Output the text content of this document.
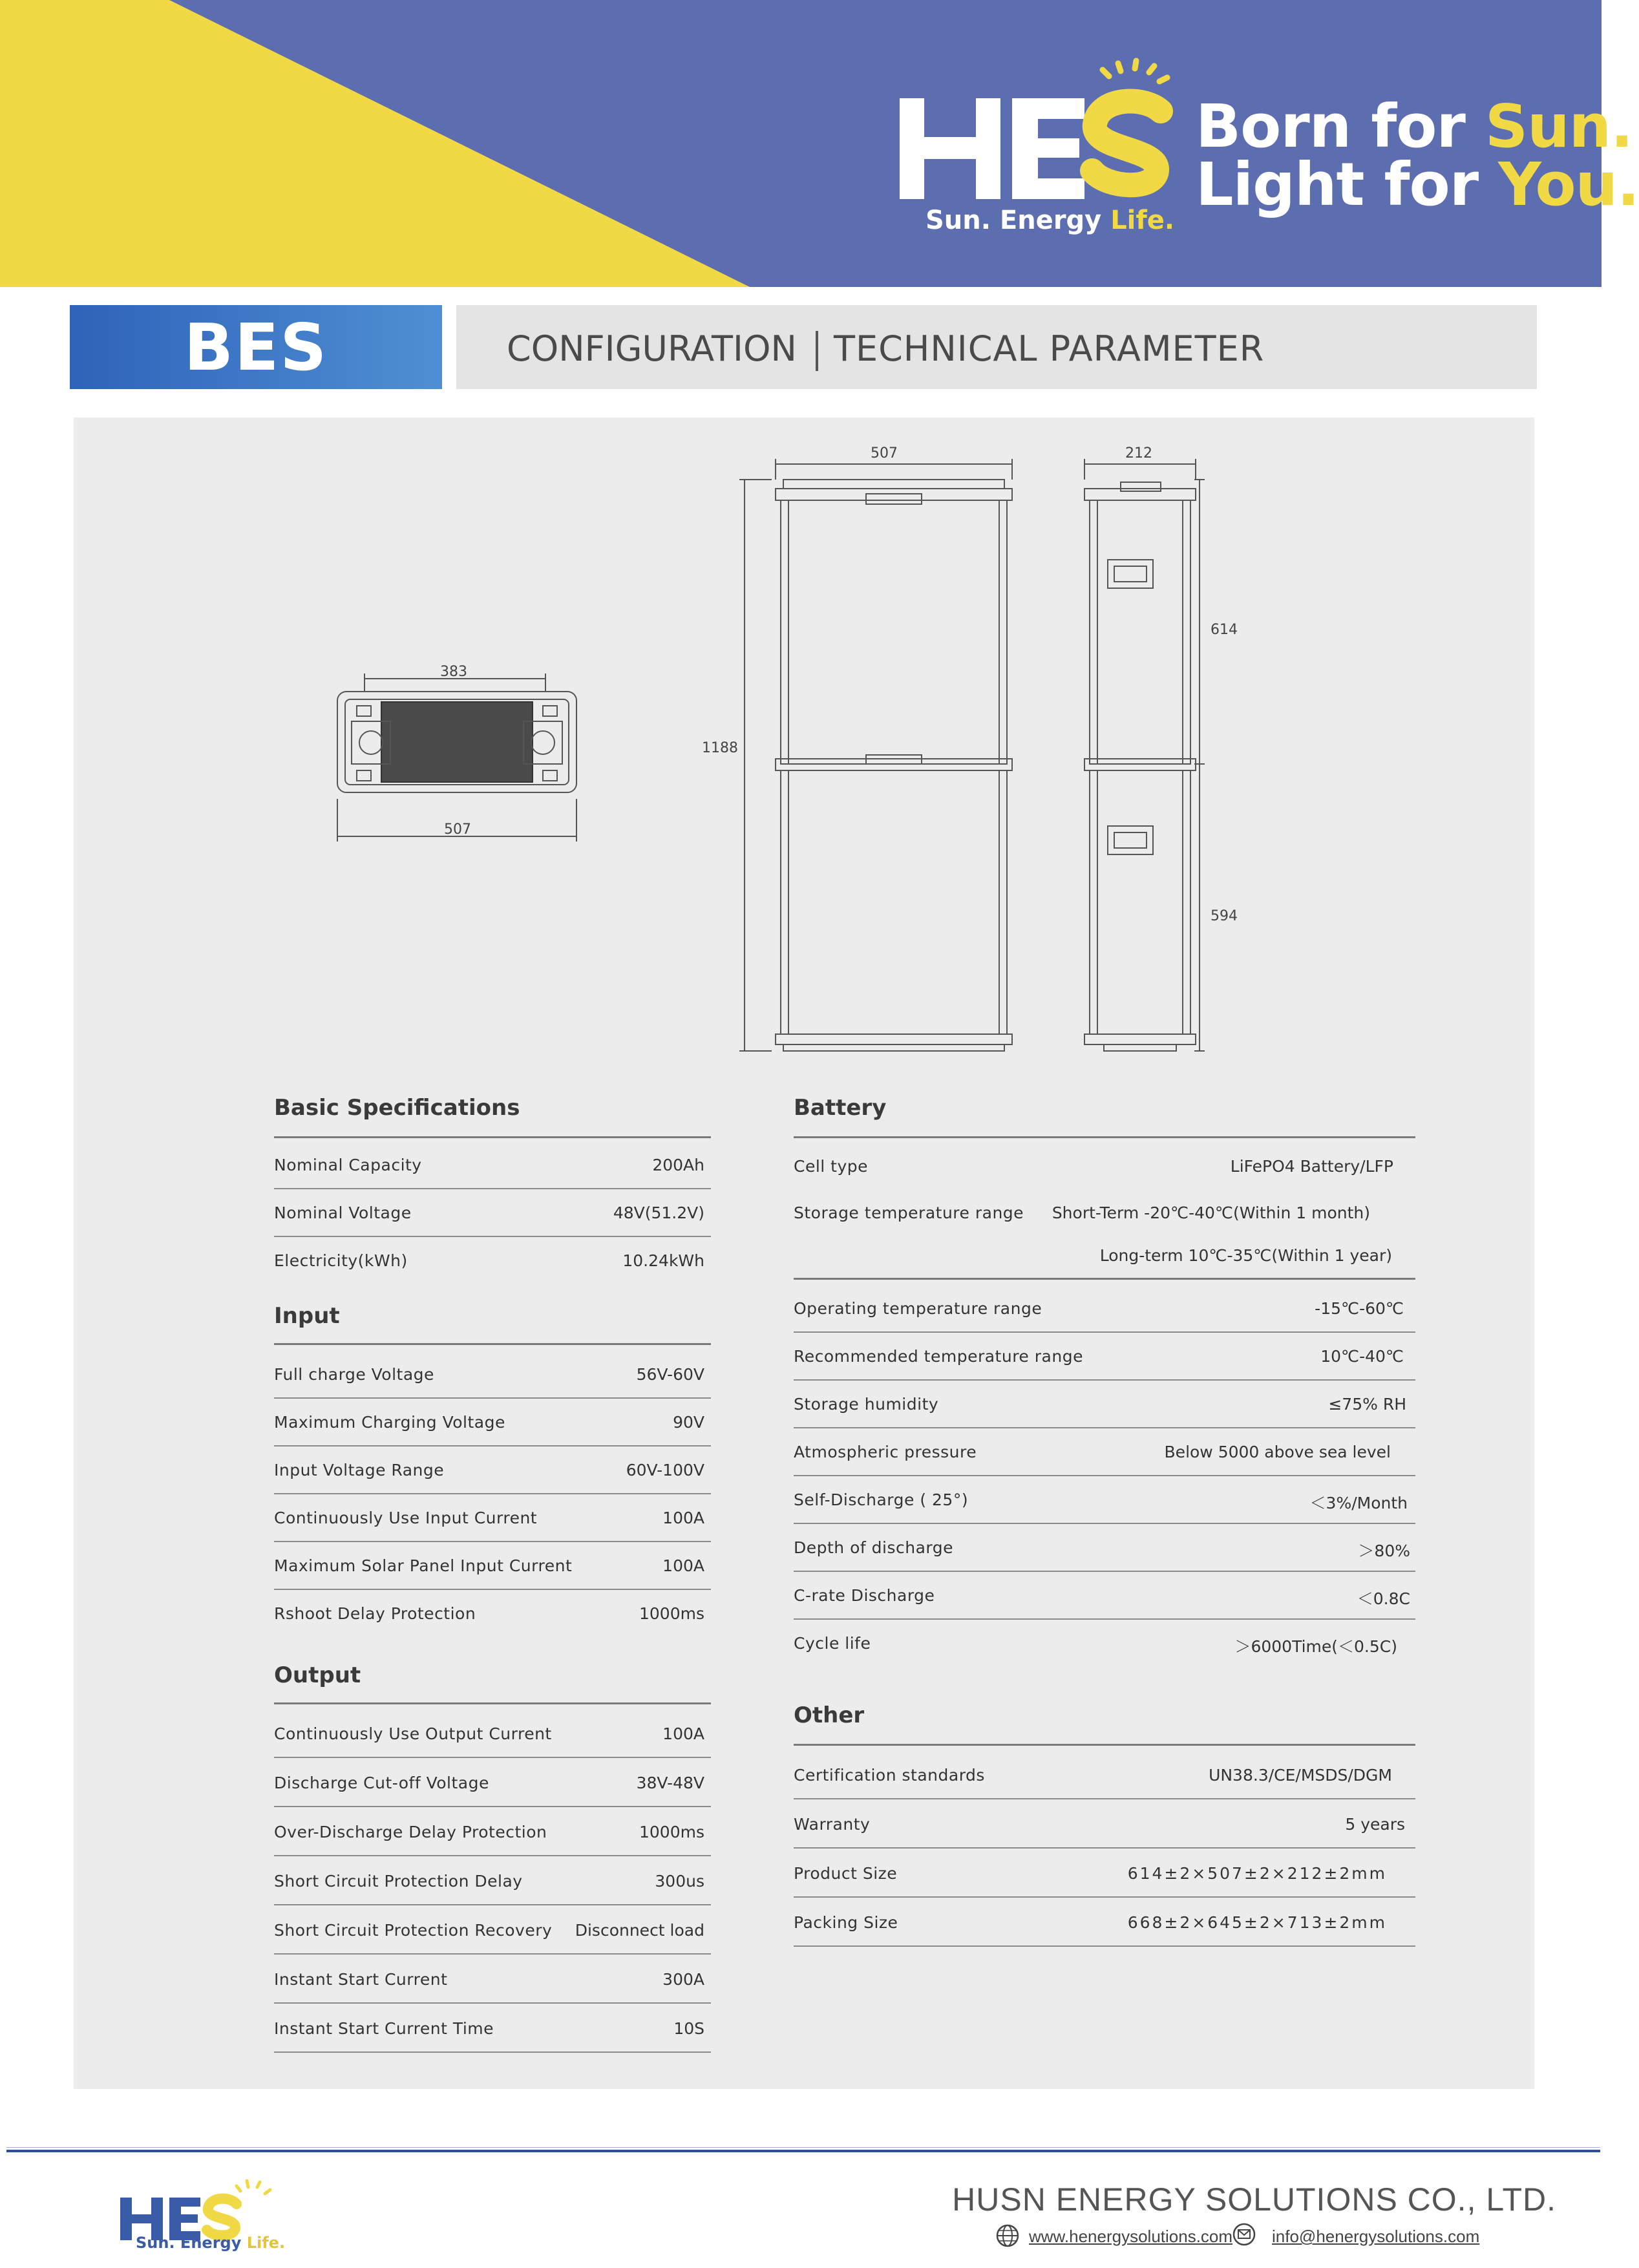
Sun. Energy Life.
Born for Sun.
Light for You.
BES	CONFIGURATION TECHNICAL PARAMETER
383
507
507
1188
212
614
594
Basic Specifications
Nominal Capacity	200Ah
Nominal Voltage	48V(51.2V)
Electricity(kWh)	10.24kWh
Input
Full charge Voltage	56V-60V
Maximum Charging Voltage	90V
Input Voltage Range	60V-100V
Continuously Use Input Current	100A
Maximum Solar Panel Input Current	100A
Rshoot Delay Protection	1000ms
Output
Continuously Use Output Current	100A
Discharge Cut-off Voltage	38V-48V
Over-Discharge Delay Protection	1000ms
Short Circuit Protection Delay	300us
Short Circuit Protection Recovery Disconnect load
Instant Start Current	300A
Instant Start Current Time	10S
Battery
Cell type	LiFePO4 Battery/LFP
Storage temperature range Short-Term -20℃-40℃(Within 1 month)
Long-term 10℃-35℃(Within 1 year)
Operating temperature range	-15℃-60℃
Recommended temperature range	10℃-40℃
Storage humidity	≤75% RH
Atmospheric pressure	Below 5000 above sea level
Self-Discharge ( 25°)	＜3%/Month
Depth of discharge	＞80%
C-rate Discharge	＜0.8C
Cycle life	＞6000Time(＜0.5C)
Other
Certification standards	UN38.3/CE/MSDS/DGM
Warranty	5 years
Product Size	614±2×507±2×212±2mm
Packing Size	668±2×645±2×713±2mm
Sun. Energy Life.
HUSN ENERGY SOLUTIONS CO., LTD.
www.henergysolutions.com info@henergysolutions.com
